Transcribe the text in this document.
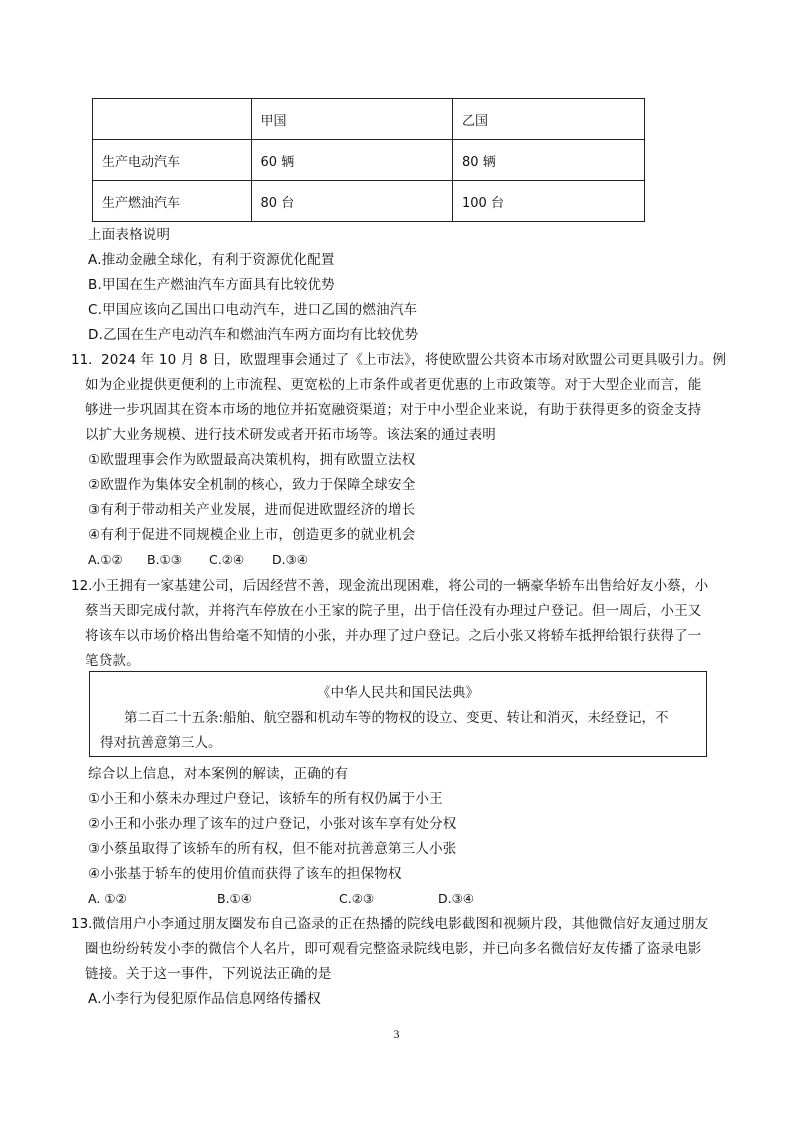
	甲国	乙国
生产电动汽车	60 辆	80 辆
生产燃油汽车	80 台	100 台
上面表格说明
A.推动金融全球化，有利于资源优化配置
B.甲国在生产燃油汽车方面具有比较优势
C.甲国应该向乙国出口电动汽车，进口乙国的燃油汽车
D.乙国在生产电动汽车和燃油汽车两方面均有比较优势
11． 2024 年 10 月 8 日，欧盟理事会通过了《上市法》，将使欧盟公共资本市场对欧盟公司更具吸引力。例
如为企业提供更便利的上市流程、更宽松的上市条件或者更优惠的上市政策等。对于大型企业而言，能
够进一步巩固其在资本市场的地位并拓宽融资渠道；对于中小型企业来说，有助于获得更多的资金支持
以扩大业务规模、进行技术研发或者开拓市场等。该法案的通过表明
①欧盟理事会作为欧盟最高决策机构，拥有欧盟立法权
②欧盟作为集体安全机制的核心，致力于保障全球安全
③有利于带动相关产业发展，进而促进欧盟经济的增长
④有利于促进不同规模企业上市，创造更多的就业机会
A.①② B.①③ C.②④ D.③④
12. 小王拥有一家基建公司，后因经营不善，现金流出现困难，将公司的一辆豪华轿车出售给好友小蔡，小
蔡当天即完成付款，并将汽车停放在小王家的院子里，出于信任没有办理过户登记。但一周后，小王又
将该车以市场价格出售给毫不知情的小张，并办理了过户登记。之后小张又将轿车抵押给银行获得了一
笔贷款。
《中华人民共和国民法典》
第二百二十五条:船舶、航空器和机动车等的物权的设立、变更、转让和消灭，未经登记，不
得对抗善意第三人。
综合以上信息，对本案例的解读，正确的有
①小王和小蔡未办理过户登记，该轿车的所有权仍属于小王
②小王和小张办理了该车的过户登记，小张对该车享有处分权
③小蔡虽取得了该轿车的所有权，但不能对抗善意第三人小张
④小张基于轿车的使用价值而获得了该车的担保物权
A. ①②	B.①④	C.②③	D.③④
13. 微信用户小李通过朋友圈发布自己盗录的正在热播的院线电影截图和视频片段，其他微信好友通过朋友
圈也纷纷转发小李的微信个人名片，即可观看完整盗录院线电影，并已向多名微信好友传播了盗录电影
链接。关于这一事件，下列说法正确的是
A.小李行为侵犯原作品信息网络传播权
3
